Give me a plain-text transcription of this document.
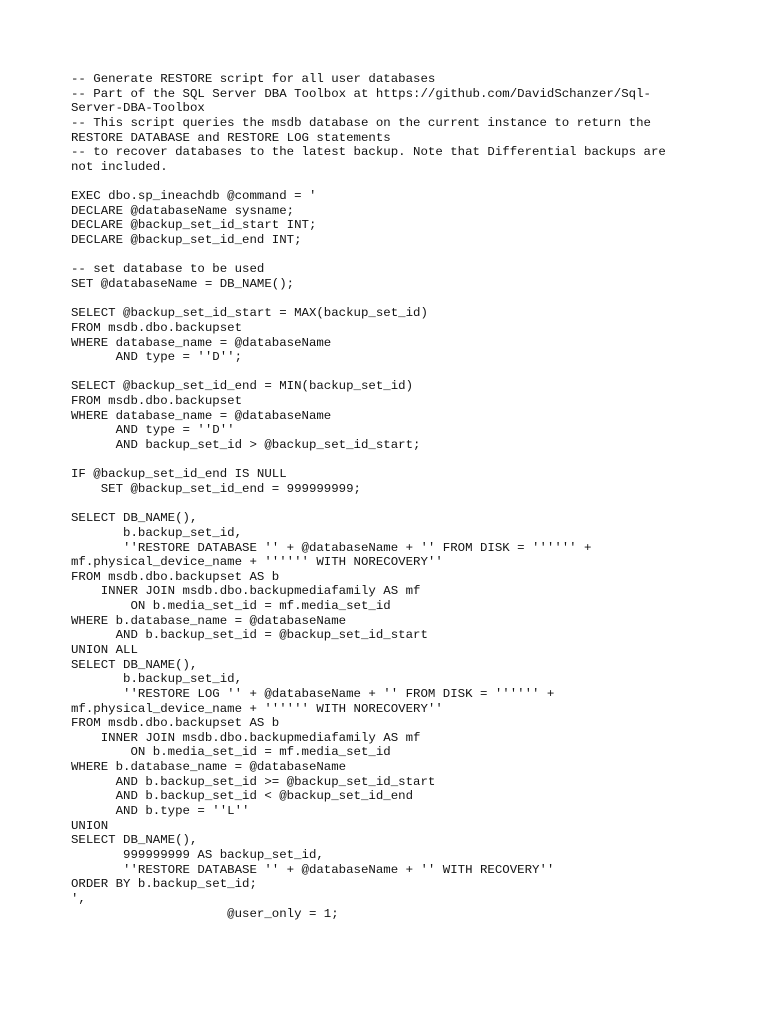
-- Generate RESTORE script for all user databases
-- Part of the SQL Server DBA Toolbox at https://github.com/DavidSchanzer/Sql-
Server-DBA-Toolbox
-- This script queries the msdb database on the current instance to return the
RESTORE DATABASE and RESTORE LOG statements
-- to recover databases to the latest backup. Note that Differential backups are
not included.
EXEC dbo.sp_ineachdb @command = '
DECLARE @databaseName sysname;
DECLARE @backup_set_id_start INT;
DECLARE @backup_set_id_end INT;
-- set database to be used
SET @databaseName = DB_NAME();
SELECT @backup_set_id_start = MAX(backup_set_id)
FROM msdb.dbo.backupset
WHERE database_name = @databaseName
AND type = ''D'';
SELECT @backup_set_id_end = MIN(backup_set_id)
FROM msdb.dbo.backupset
WHERE database_name = @databaseName
AND type = ''D''
AND backup_set_id > @backup_set_id_start;
IF @backup_set_id_end IS NULL
SET @backup_set_id_end = 999999999;
SELECT DB_NAME(),
b.backup_set_id,
''RESTORE DATABASE '' + @databaseName + '' FROM DISK = '''''' +
mf.physical_device_name + '''''' WITH NORECOVERY''
FROM msdb.dbo.backupset AS b
INNER JOIN msdb.dbo.backupmediafamily AS mf
ON b.media_set_id = mf.media_set_id
WHERE b.database_name = @databaseName
AND b.backup_set_id = @backup_set_id_start
UNION ALL
SELECT DB_NAME(),
b.backup_set_id,
''RESTORE LOG '' + @databaseName + '' FROM DISK = '''''' +
mf.physical_device_name + '''''' WITH NORECOVERY''
FROM msdb.dbo.backupset AS b
INNER JOIN msdb.dbo.backupmediafamily AS mf
ON b.media_set_id = mf.media_set_id
WHERE b.database_name = @databaseName
AND b.backup_set_id >= @backup_set_id_start
AND b.backup_set_id < @backup_set_id_end
AND b.type = ''L''
UNION
SELECT DB_NAME(),
999999999 AS backup_set_id,
''RESTORE DATABASE '' + @databaseName + '' WITH RECOVERY''
ORDER BY b.backup_set_id;
',
@user_only = 1;
